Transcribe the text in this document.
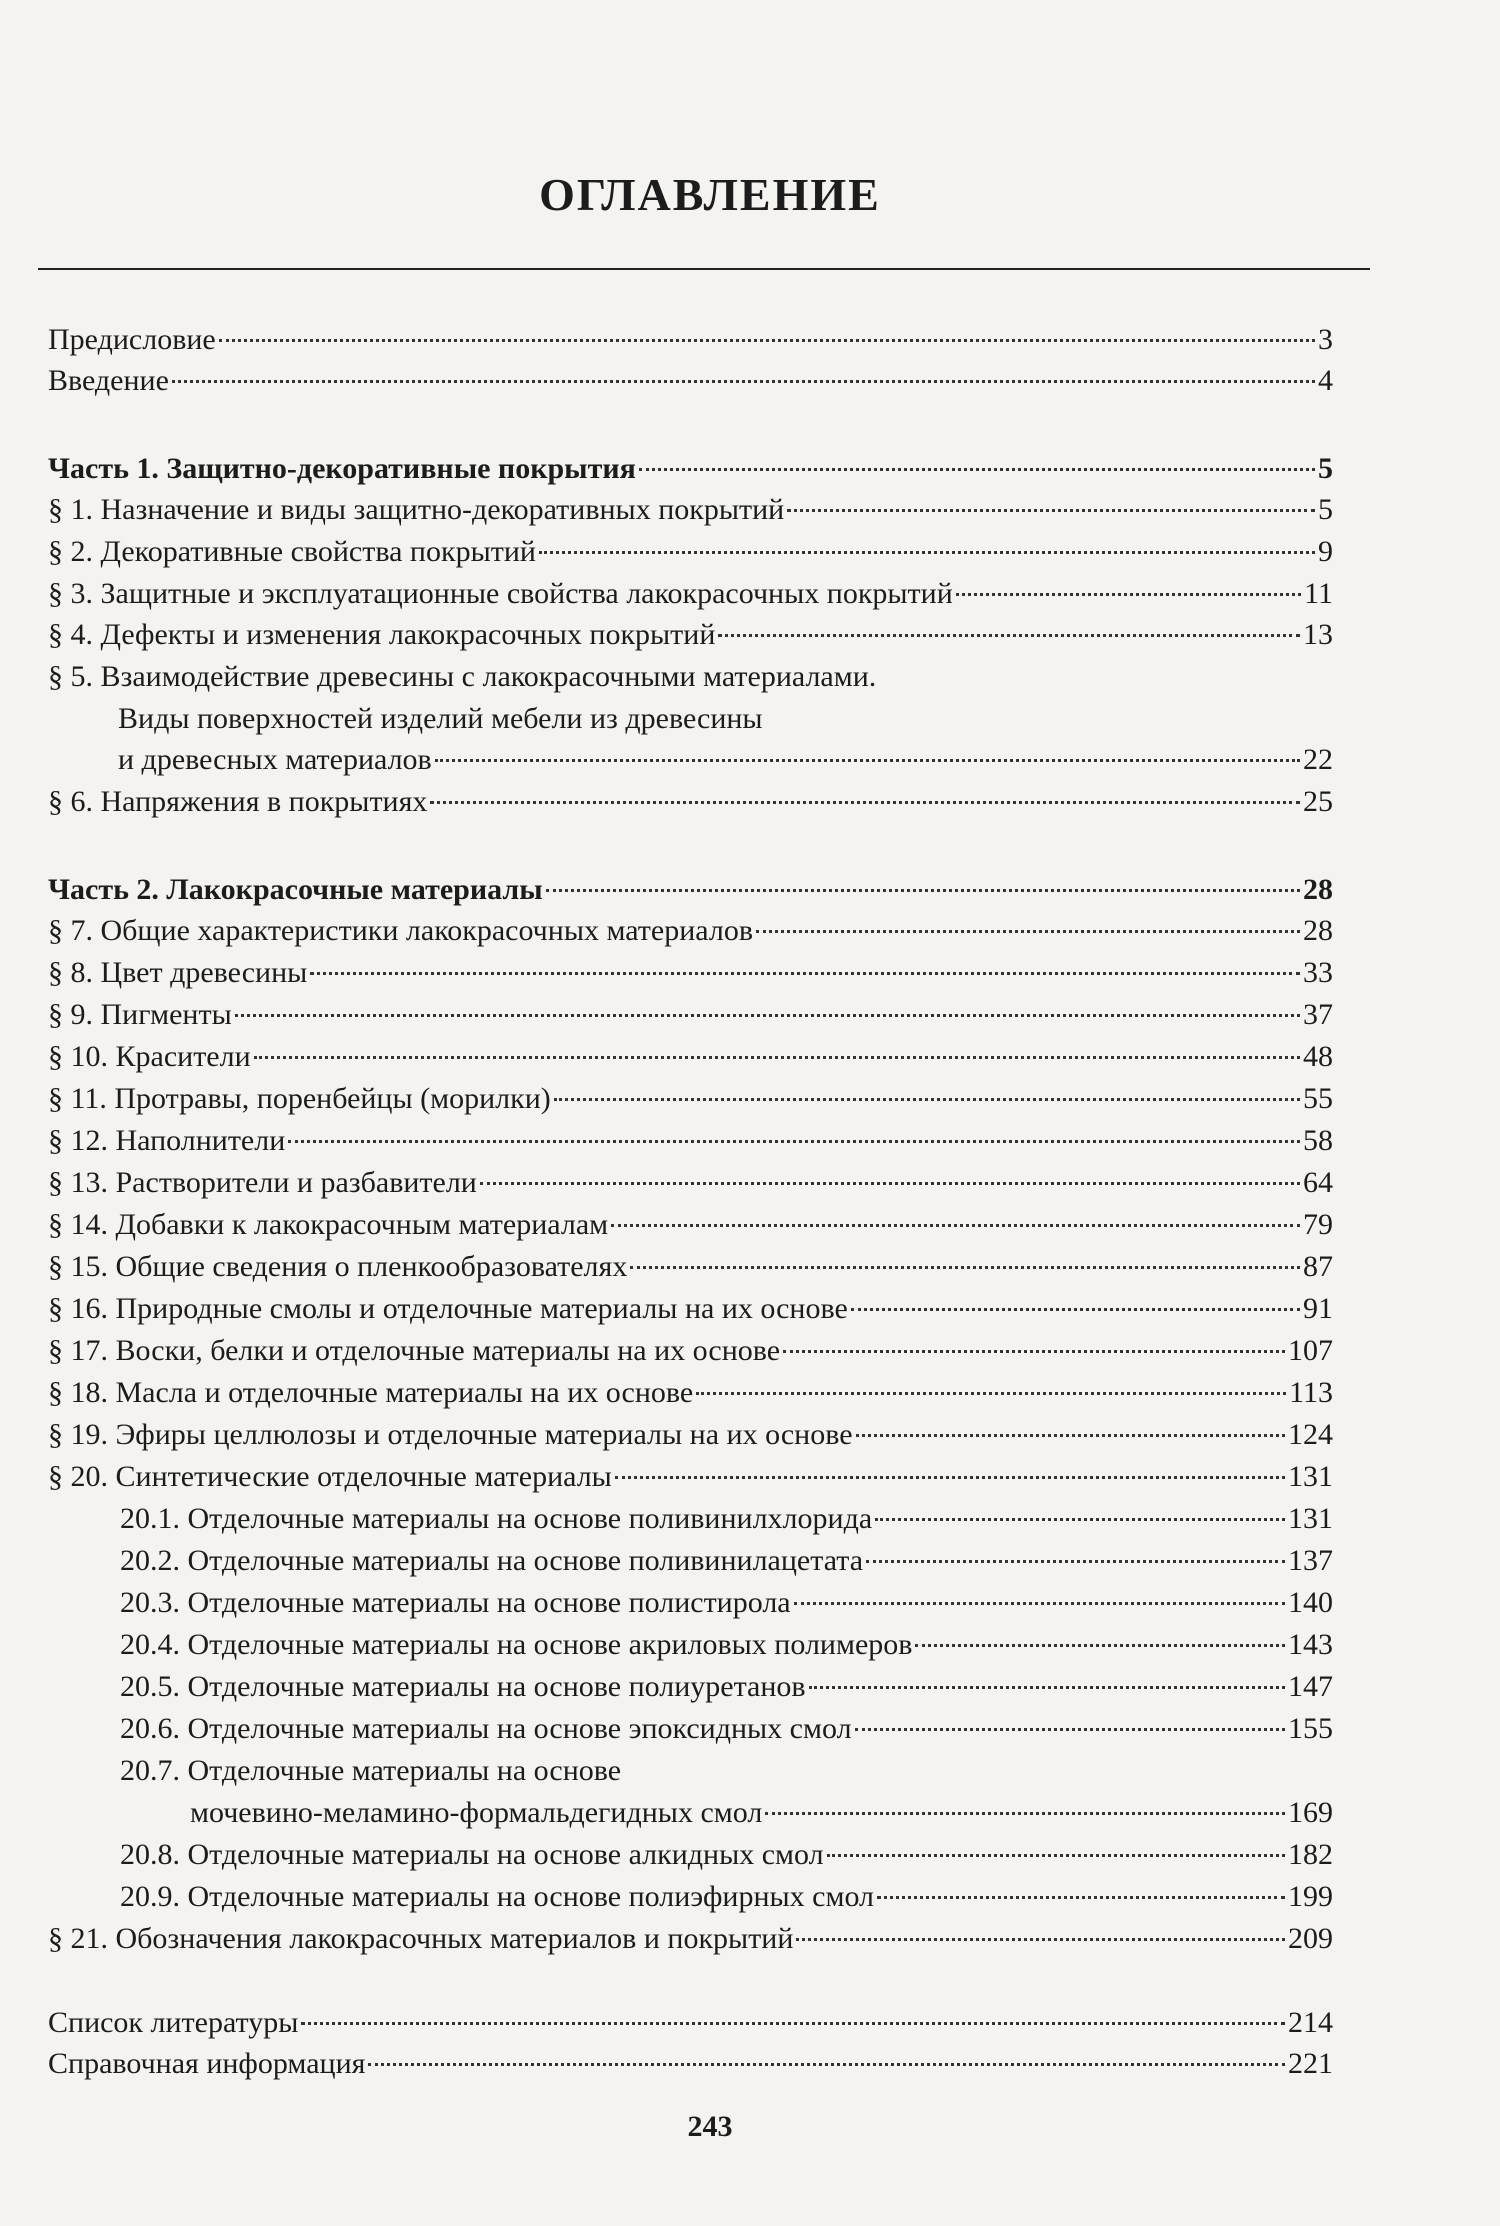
ОГЛАВЛЕНИЕ
Предисловие	3
Введение	4
Часть 1. Защитно-декоративные покрытия	5
§ 1. Назначение и виды защитно-декоративных покрытий	5
§ 2. Декоративные свойства покрытий	9
§ 3. Защитные и эксплуатационные свойства лакокрасочных покрытий	11
§ 4. Дефекты и изменения лакокрасочных покрытий	13
§ 5. Взаимодействие древесины с лакокрасочными материалами.
Виды поверхностей изделий мебели из древесины
и древесных материалов	22
§ 6. Напряжения в покрытиях	25
Часть 2. Лакокрасочные материалы	28
§ 7. Общие характеристики лакокрасочных материалов	28
§ 8. Цвет древесины	33
§ 9. Пигменты	37
§ 10. Красители	48
§ 11. Протравы, поренбейцы (морилки)	55
§ 12. Наполнители	58
§ 13. Растворители и разбавители	64
§ 14. Добавки к лакокрасочным материалам	79
§ 15. Общие сведения о пленкообразователях	87
§ 16. Природные смолы и отделочные материалы на их основе	91
§ 17. Воски, белки и отделочные материалы на их основе	107
§ 18. Масла и отделочные материалы на их основе	113
§ 19. Эфиры целлюлозы и отделочные материалы на их основе	124
§ 20. Синтетические отделочные материалы	131
20.1. Отделочные материалы на основе поливинилхлорида	131
20.2. Отделочные материалы на основе поливинилацетата	137
20.3. Отделочные материалы на основе полистирола	140
20.4. Отделочные материалы на основе акриловых полимеров	143
20.5. Отделочные материалы на основе полиуретанов	147
20.6. Отделочные материалы на основе эпоксидных смол	155
20.7. Отделочные материалы на основе
мочевино-меламино-формальдегидных смол	169
20.8. Отделочные материалы на основе алкидных смол	182
20.9. Отделочные материалы на основе полиэфирных смол	199
§ 21. Обозначения лакокрасочных материалов и покрытий	209
Список литературы	214
Справочная информация	221
243
